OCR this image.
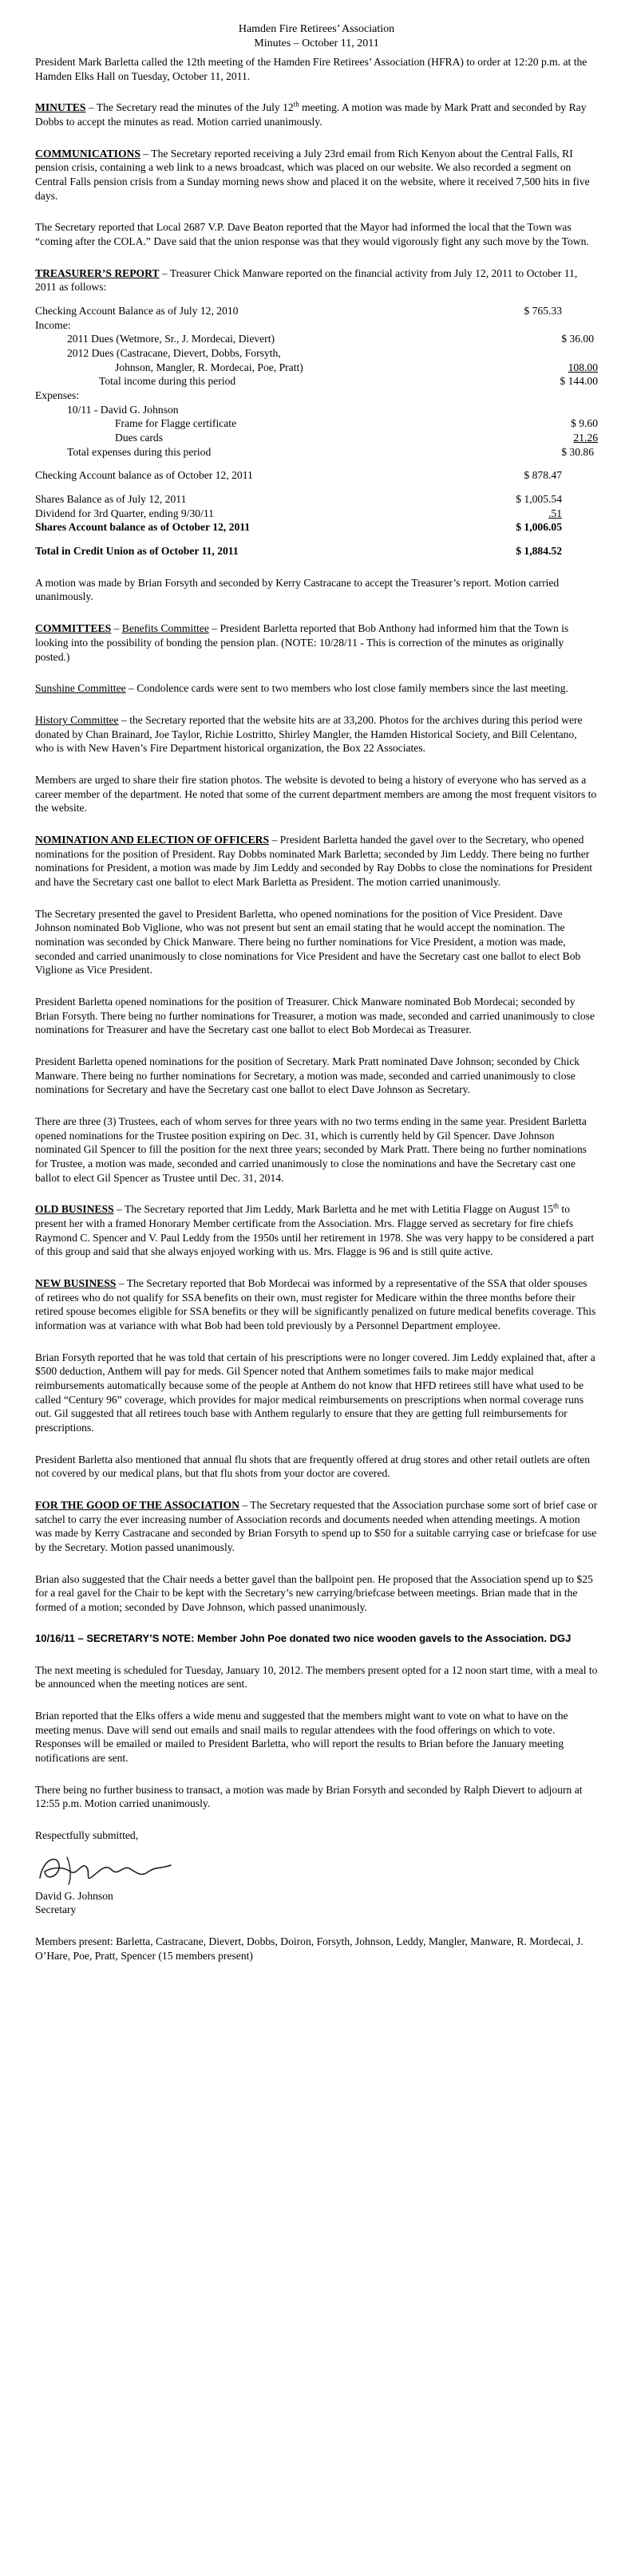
Hamden Fire Retirees’ Association
Minutes – October 11, 2011

President Mark Barletta called the 12th meeting of the Hamden Fire Retirees’ Association (HFRA) to order at 12:20 p.m. at the Hamden Elks Hall on Tuesday, October 11, 2011.

MINUTES – The Secretary read the minutes of the July 12th meeting. A motion was made by Mark Pratt and seconded by Ray Dobbs to accept the minutes as read. Motion carried unanimously.

COMMUNICATIONS – The Secretary reported receiving a July 23rd email from Rich Kenyon about the Central Falls, RI pension crisis, containing a web link to a news broadcast, which was placed on our website. We also recorded a segment on Central Falls pension crisis from a Sunday morning news show and placed it on the website, where it received 7,500 hits in five days.

The Secretary reported that Local 2687 V.P. Dave Beaton reported that the Mayor had informed the local that the Town was “coming after the COLA.” Dave said that the union response was that they would vigorously fight any such move by the Town.

TREASURER’S REPORT – Treasurer Chick Manware reported on the financial activity from July 12, 2011 to October 11, 2011 as follows:

Checking Account Balance as of July 12, 2010	$ 765.33
Income:
2011 Dues (Wetmore, Sr., J. Mordecai, Dievert)	$ 36.00
2012 Dues (Castracane, Dievert, Dobbs, Forsyth,
Johnson, Mangler, R. Mordecai, Poe, Pratt)	108.00
Total income during this period	$ 144.00
Expenses:
10/11 - David G. Johnson
Frame for Flagge certificate	$ 9.60
Dues cards	21.26
Total expenses during this period	$ 30.86
Checking Account balance as of October 12, 2011	$ 878.47
Shares Balance as of July 12, 2011	$ 1,005.54
Dividend for 3rd Quarter, ending 9/30/11	.51
Shares Account balance as of October 12, 2011	$ 1,006.05
Total in Credit Union as of October 11, 2011	$ 1,884.52

A motion was made by Brian Forsyth and seconded by Kerry Castracane to accept the Treasurer’s report. Motion carried unanimously.

COMMITTEES – Benefits Committee – President Barletta reported that Bob Anthony had informed him that the Town is looking into the possibility of bonding the pension plan. (NOTE: 10/28/11 - This is correction of the minutes as originally posted.)

Sunshine Committee – Condolence cards were sent to two members who lost close family members since the last meeting.

History Committee – the Secretary reported that the website hits are at 33,200. Photos for the archives during this period were donated by Chan Brainard, Joe Taylor, Richie Lostritto, Shirley Mangler, the Hamden Historical Society, and Bill Celentano, who is with New Haven’s Fire Department historical organization, the Box 22 Associates.

Members are urged to share their fire station photos. The website is devoted to being a history of everyone who has served as a career member of the department. He noted that some of the current department members are among the most frequent visitors to the website.

NOMINATION AND ELECTION OF OFFICERS – President Barletta handed the gavel over to the Secretary, who opened nominations for the position of President. Ray Dobbs nominated Mark Barletta; seconded by Jim Leddy. There being no further nominations for President, a motion was made by Jim Leddy and seconded by Ray Dobbs to close the nominations for President and have the Secretary cast one ballot to elect Mark Barletta as President. The motion carried unanimously.

The Secretary presented the gavel to President Barletta, who opened nominations for the position of Vice President. Dave Johnson nominated Bob Viglione, who was not present but sent an email stating that he would accept the nomination. The nomination was seconded by Chick Manware. There being no further nominations for Vice President, a motion was made, seconded and carried unanimously to close nominations for Vice President and have the Secretary cast one ballot to elect Bob Viglione as Vice President.

President Barletta opened nominations for the position of Treasurer. Chick Manware nominated Bob Mordecai; seconded by Brian Forsyth. There being no further nominations for Treasurer, a motion was made, seconded and carried unanimously to close nominations for Treasurer and have the Secretary cast one ballot to elect Bob Mordecai as Treasurer.

President Barletta opened nominations for the position of Secretary. Mark Pratt nominated Dave Johnson; seconded by Chick Manware. There being no further nominations for Secretary, a motion was made, seconded and carried unanimously to close nominations for Secretary and have the Secretary cast one ballot to elect Dave Johnson as Secretary.

There are three (3) Trustees, each of whom serves for three years with no two terms ending in the same year. President Barletta opened nominations for the Trustee position expiring on Dec. 31, which is currently held by Gil Spencer. Dave Johnson nominated Gil Spencer to fill the position for the next three years; seconded by Mark Pratt. There being no further nominations for Trustee, a motion was made, seconded and carried unanimously to close the nominations and have the Secretary cast one ballot to elect Gil Spencer as Trustee until Dec. 31, 2014.

OLD BUSINESS – The Secretary reported that Jim Leddy, Mark Barletta and he met with Letitia Flagge on August 15th to present her with a framed Honorary Member certificate from the Association. Mrs. Flagge served as secretary for fire chiefs Raymond C. Spencer and V. Paul Leddy from the 1950s until her retirement in 1978. She was very happy to be considered a part of this group and said that she always enjoyed working with us. Mrs. Flagge is 96 and is still quite active.

NEW BUSINESS – The Secretary reported that Bob Mordecai was informed by a representative of the SSA that older spouses of retirees who do not qualify for SSA benefits on their own, must register for Medicare within the three months before their retired spouse becomes eligible for SSA benefits or they will be significantly penalized on future medical benefits coverage. This information was at variance with what Bob had been told previously by a Personnel Department employee.

Brian Forsyth reported that he was told that certain of his prescriptions were no longer covered. Jim Leddy explained that, after a $500 deduction, Anthem will pay for meds. Gil Spencer noted that Anthem sometimes fails to make major medical reimbursements automatically because some of the people at Anthem do not know that HFD retirees still have what used to be called “Century 96” coverage, which provides for major medical reimbursements on prescriptions when normal coverage runs out. Gil suggested that all retirees touch base with Anthem regularly to ensure that they are getting full reimbursements for prescriptions.

President Barletta also mentioned that annual flu shots that are frequently offered at drug stores and other retail outlets are often not covered by our medical plans, but that flu shots from your doctor are covered.

FOR THE GOOD OF THE ASSOCIATION – The Secretary requested that the Association purchase some sort of brief case or satchel to carry the ever increasing number of Association records and documents needed when attending meetings. A motion was made by Kerry Castracane and seconded by Brian Forsyth to spend up to $50 for a suitable carrying case or briefcase for use by the Secretary. Motion passed unanimously.

Brian also suggested that the Chair needs a better gavel than the ballpoint pen. He proposed that the Association spend up to $25 for a real gavel for the Chair to be kept with the Secretary’s new carrying/briefcase between meetings. Brian made that in the formed of a motion; seconded by Dave Johnson, which passed unanimously.

10/16/11 – SECRETARY’S NOTE: Member John Poe donated two nice wooden gavels to the Association. DGJ

The next meeting is scheduled for Tuesday, January 10, 2012. The members present opted for a 12 noon start time, with a meal to be announced when the meeting notices are sent.

Brian reported that the Elks offers a wide menu and suggested that the members might want to vote on what to have on the meeting menus. Dave will send out emails and snail mails to regular attendees with the food offerings on which to vote. Responses will be emailed or mailed to President Barletta, who will report the results to Brian before the January meeting notifications are sent.

There being no further business to transact, a motion was made by Brian Forsyth and seconded by Ralph Dievert to adjourn at 12:55 p.m. Motion carried unanimously.

Respectfully submitted,

David G. Johnson

Secretary

Members present: Barletta, Castracane, Dievert, Dobbs, Doiron, Forsyth, Johnson, Leddy, Mangler, Manware, R. Mordecai, J. O’Hare, Poe, Pratt, Spencer (15 members present)
